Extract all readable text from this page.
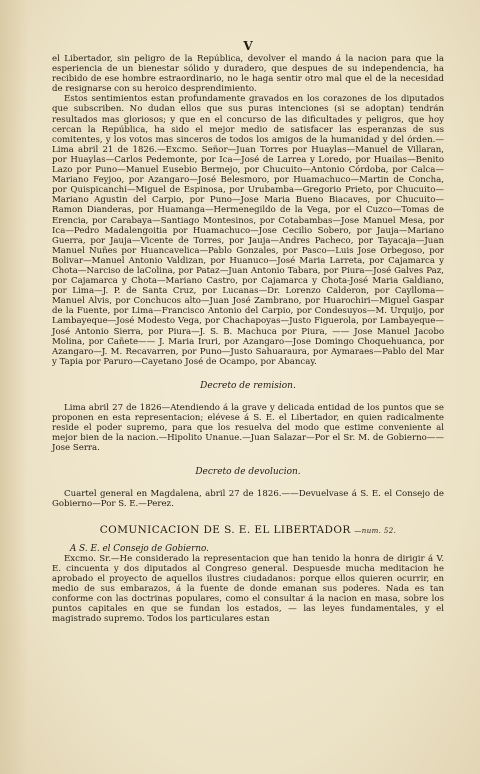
V

el Libertador, sin peligro de la República, devolver el mando á la nacion para que la esperiencia de un bienestar sólido y duradero, que despues de su independencia, ha recibido de ese hombre estraordinario, no le haga sentir otro mal que el de la necesidad de resignarse con su heroico desprendimiento.

Estos sentimientos estan profundamente gravados en los corazones de los diputados que subscriben. No dudan ellos que sus puras intenciones (si se adoptan) tendrán resultados mas gloriosos; y que en el concurso de las dificultades y peligros, que hoy cercan la República, ha sido el mejor medio de satisfacer las esperanzas de sus comitentes, y los votos mas sinceros de todos los amigos de la humanidad y del órden.—Lima abril 21 de 1826.—Excmo. Señor—Juan Torres por Huaylas—Manuel de Villaran, por Huaylas—Carlos Pedemonte, por Ica—José de Larrea y Loredo, por Huailas—Benito Lazo por Puno—Manuel Eusebio Bermejo, por Chucuito—Antonio Córdoba, por Calca—Mariano Feyjoo, por Azangaro—José Belesmoro, por Huamachuco—Martin de Concha, por Quispicanchi—Miguel de Espinosa, por Urubamba—Gregorio Prieto, por Chucuito—Mariano Agustin del Carpio, por Puno—Jose Maria Bueno Biacaves, por Chucuito—Ramon Dianderas, por Huamanga—Hermenegildo de la Vega, por el Cuzco—Tomas de Erencia, por Carabaya—Santiago Montesinos, por Cotabambas—Jose Manuel Mesa, por Ica—Pedro Madalengoitia por Huamachuco—Jose Cecilio Sobero, por Jauja—Mariano Guerra, por Jauja—Vicente de Torres, por Jauja—Andres Pacheco, por Tayacaja—Juan Manuel Nuñes por Huancavelica—Pablo Gonzales, por Pasco—Luis Jose Orbegoso, por Bolivar—Manuel Antonio Valdizan, por Huanuco—José Maria Larreta, por Cajamarca y Chota—Narciso de laColina, por Pataz—Juan Antonio Tabara, por Piura—José Galves Paz, por Cajamarca y Chota—Mariano Castro, por Cajamarca y Chota-José Maria Galdiano, por Lima—J. P. de Santa Cruz, por Lucanas—Dr. Lorenzo Calderon, por Caylloma—Manuel Alvis, por Conchucos alto—Juan José Zambrano, por Huarochiri—Miguel Gaspar de la Fuente, por Lima—Francisco Antonio del Carpio, por Condesuyos—M. Urquijo, por Lambayeque—José Modesto Vega, por Chachapoyas—Justo Figuerola, por Lambayeque—José Antonio Sierra, por Piura—J. S. B. Machuca por Piura, —— Jose Manuel Jacobo Molina, por Cañete—— J. Maria Iruri, por Azangaro—Jose Domingo Choquehuanca, por Azangaro—J. M. Recavarren, por Puno—Justo Sahuaraura, por Aymaraes—Pablo del Mar y Tapia por Paruro—Cayetano José de Ocampo, por Abancay.

Decreto de remision.

Lima abril 27 de 1826—Atendiendo á la grave y delicada entidad de los puntos que se proponen en esta representacion; elévese á S. E. el Libertador, en quien radicalmente reside el poder supremo, para que los resuelva del modo que estime conveniente al mejor bien de la nacion.—Hipolito Unanue.—Juan Salazar—Por el Sr. M. de Gobierno——Jose Serra.

Decreto de devolucion.

Cuartel general en Magdalena, abril 27 de 1826.——Devuelvase á S. E. el Consejo de Gobierno—Por S. E.—Perez.

COMUNICACION DE S. E. EL LIBERTADOR —num. 52.
A S. E. el Consejo de Gobierno.

Excmo. Sr.—He considerado la representacion que han tenido la honra de dirigir á V. E. cincuenta y dos diputados al Congreso general. Despuesde mucha meditacion he aprobado el proyecto de aquellos ilustres ciudadanos: porque ellos quieren ocurrir, en medio de sus embarazos, á la fuente de donde emanan sus poderes. Nada es tan conforme con las doctrinas populares, como el consultar á la nacion en masa, sobre los puntos capitales en que se fundan los estados, — las leyes fundamentales, y el magistrado supremo. Todos los particulares estan
